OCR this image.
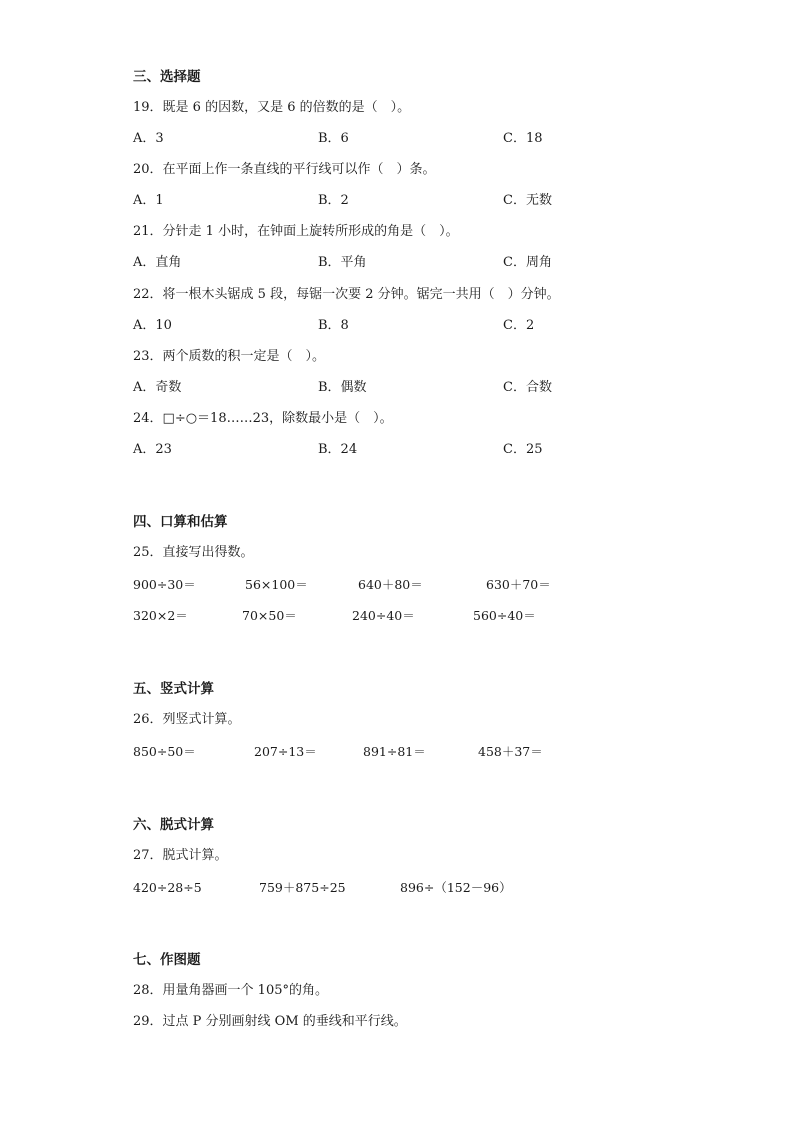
三、选择题
19．既是 6 的因数，又是 6 的倍数的是（　）。
A．3	B．6	C．18
20．在平面上作一条直线的平行线可以作（　）条。
A．1	B．2	C．无数
21．分针走 1 小时，在钟面上旋转所形成的角是（　）。
A．直角	B．平角	C．周角
22．将一根木头锯成 5 段，每锯一次要 2 分钟。锯完一共用（　）分钟。
A．10	B．8	C．2
23．两个质数的积一定是（　）。
A．奇数	B．偶数	C．合数
24．□÷○＝18……23，除数最小是（　）。
A．23	B．24	C．25
四、口算和估算
25．直接写出得数。
900÷30＝	56×100＝	640＋80＝	630＋70＝
320×2＝	70×50＝	240÷40＝	560÷40＝
五、竖式计算
26．列竖式计算。
850÷50＝	207÷13＝	891÷81＝	458＋37＝
六、脱式计算
27．脱式计算。
420÷28÷5	759＋875÷25	896÷（152－96）
七、作图题
28．用量角器画一个 105°的角。
29．过点 P 分别画射线 OM 的垂线和平行线。
